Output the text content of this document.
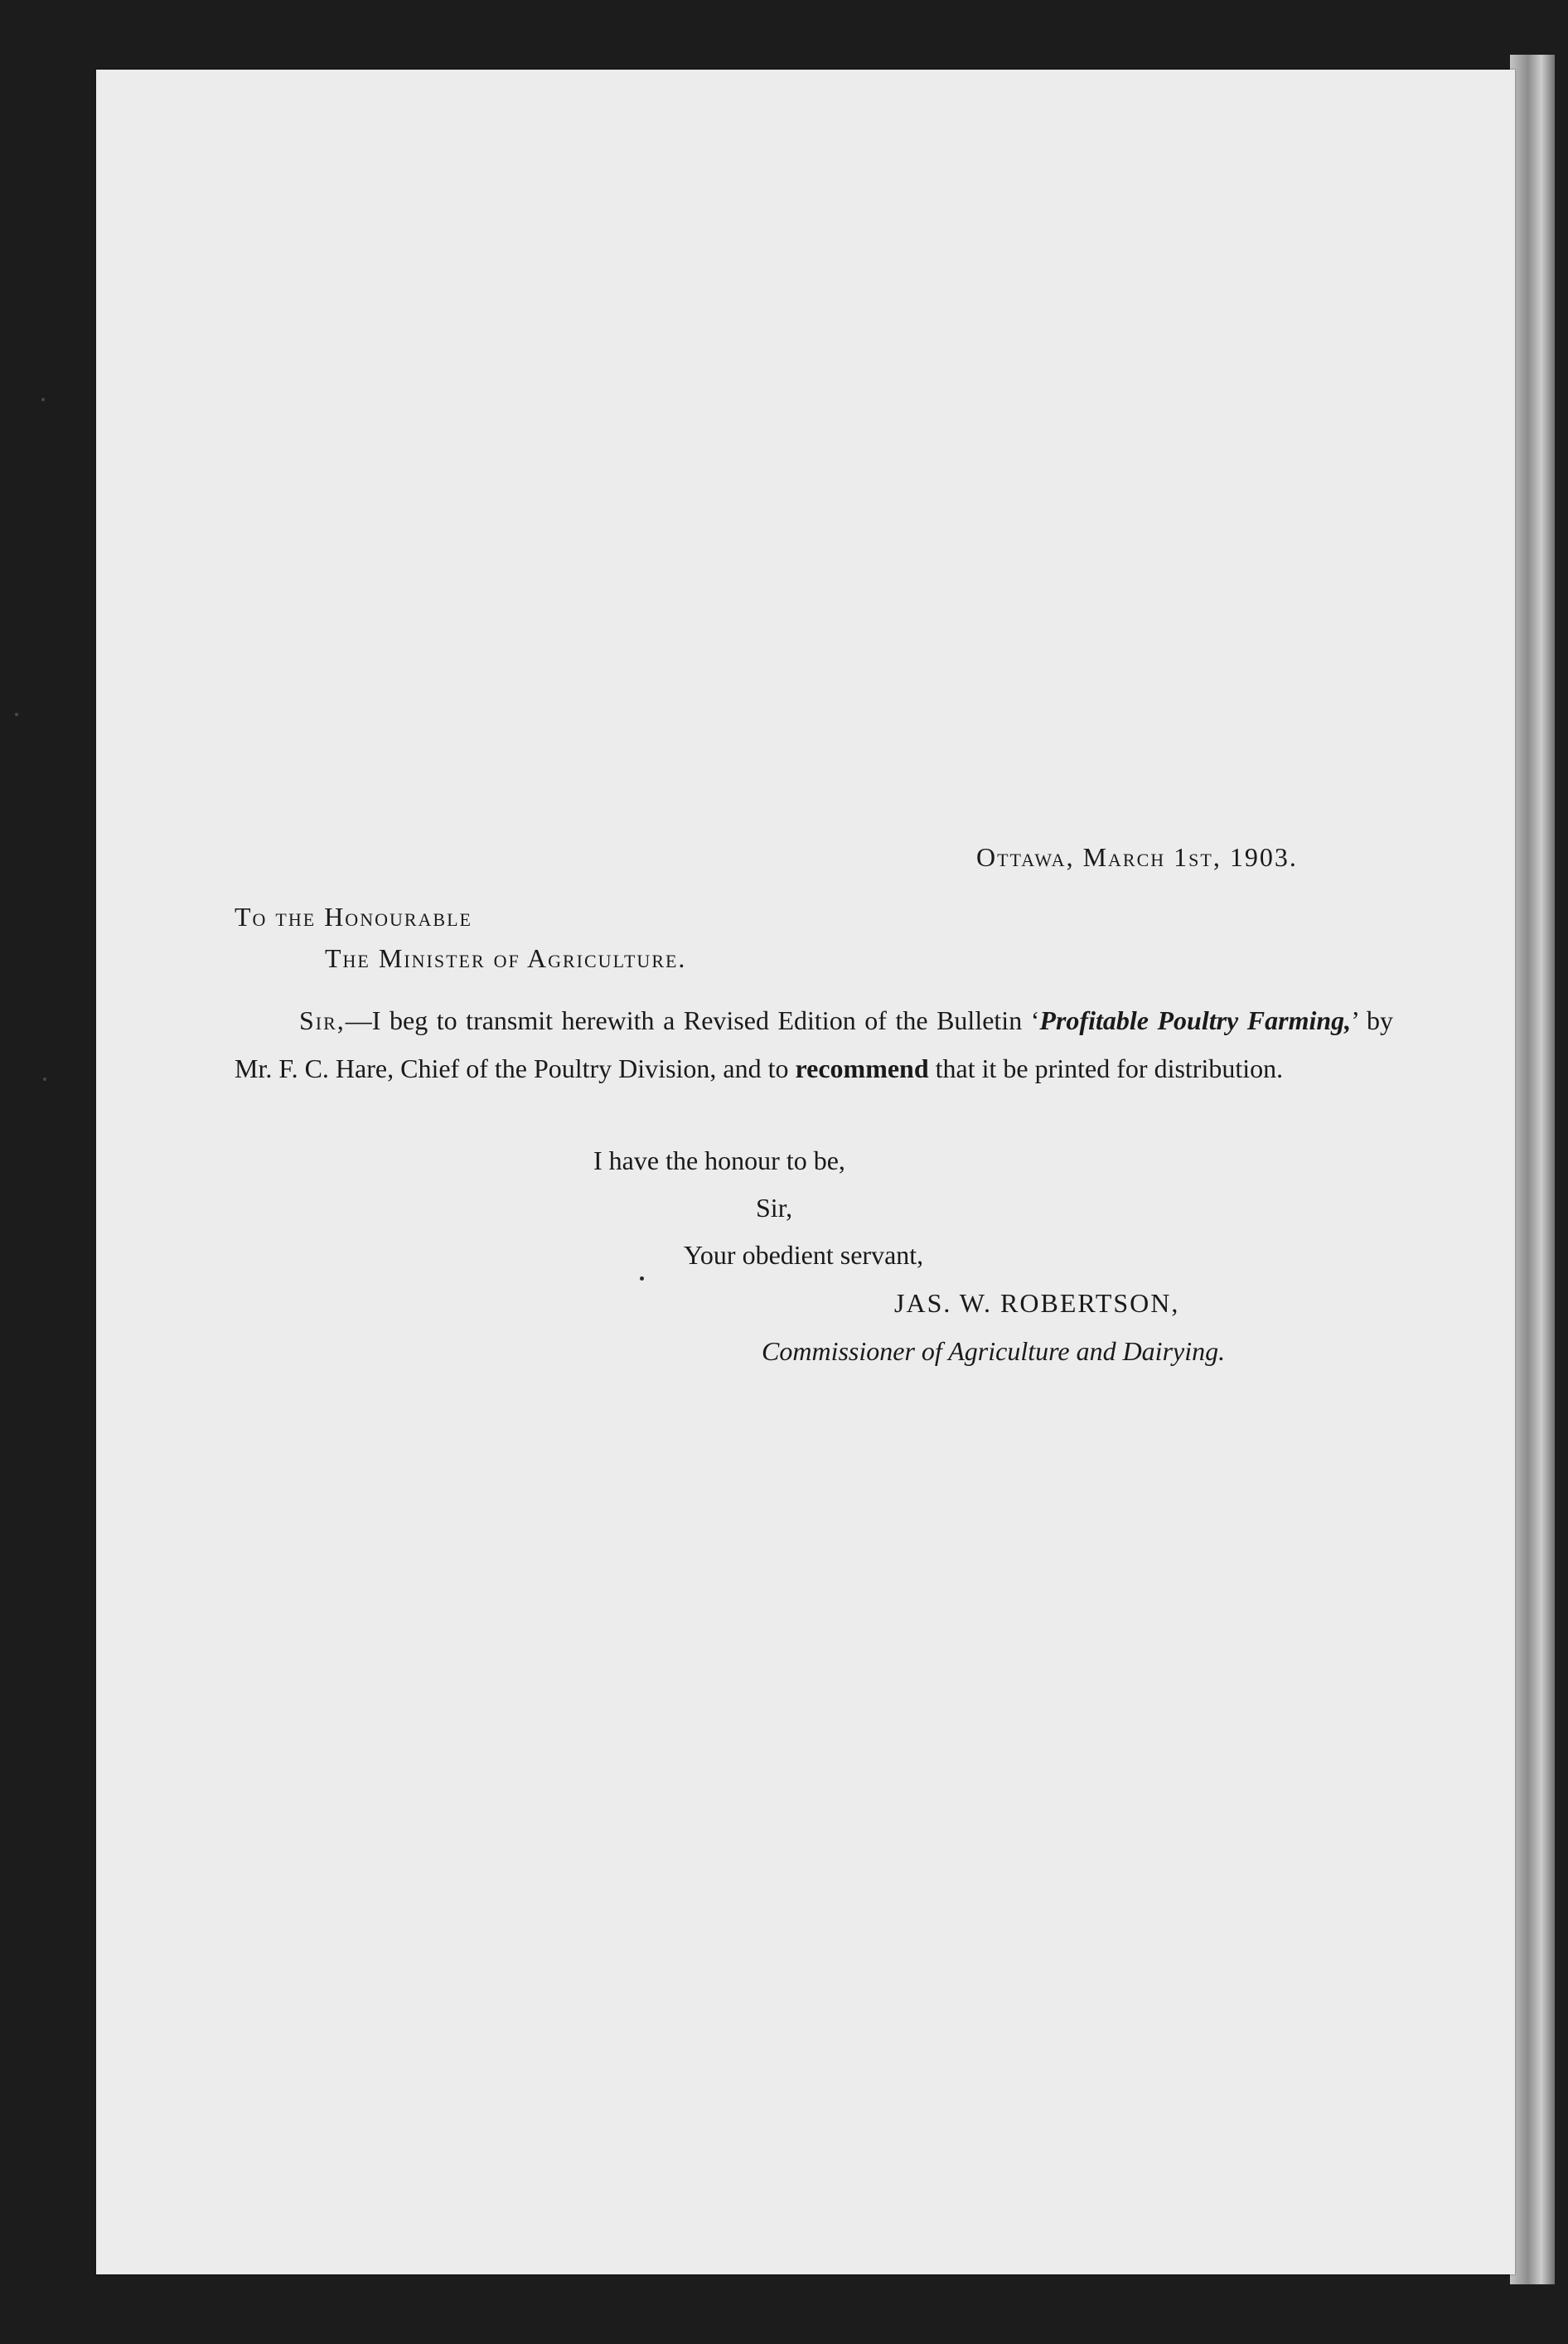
Ottawa, March 1st, 1903.
To the Honourable
The Minister of Agriculture.
Sir,—I beg to transmit herewith a Revised Edition of the Bulletin ‘Profitable Poultry Farming,’ by Mr. F. C. Hare, Chief of the Poultry Division, and to recommend that it be printed for distribution.
I have the honour to be,
Sir,
Your obedient servant,
JAS. W. ROBERTSON,
Commissioner of Agriculture and Dairying.
